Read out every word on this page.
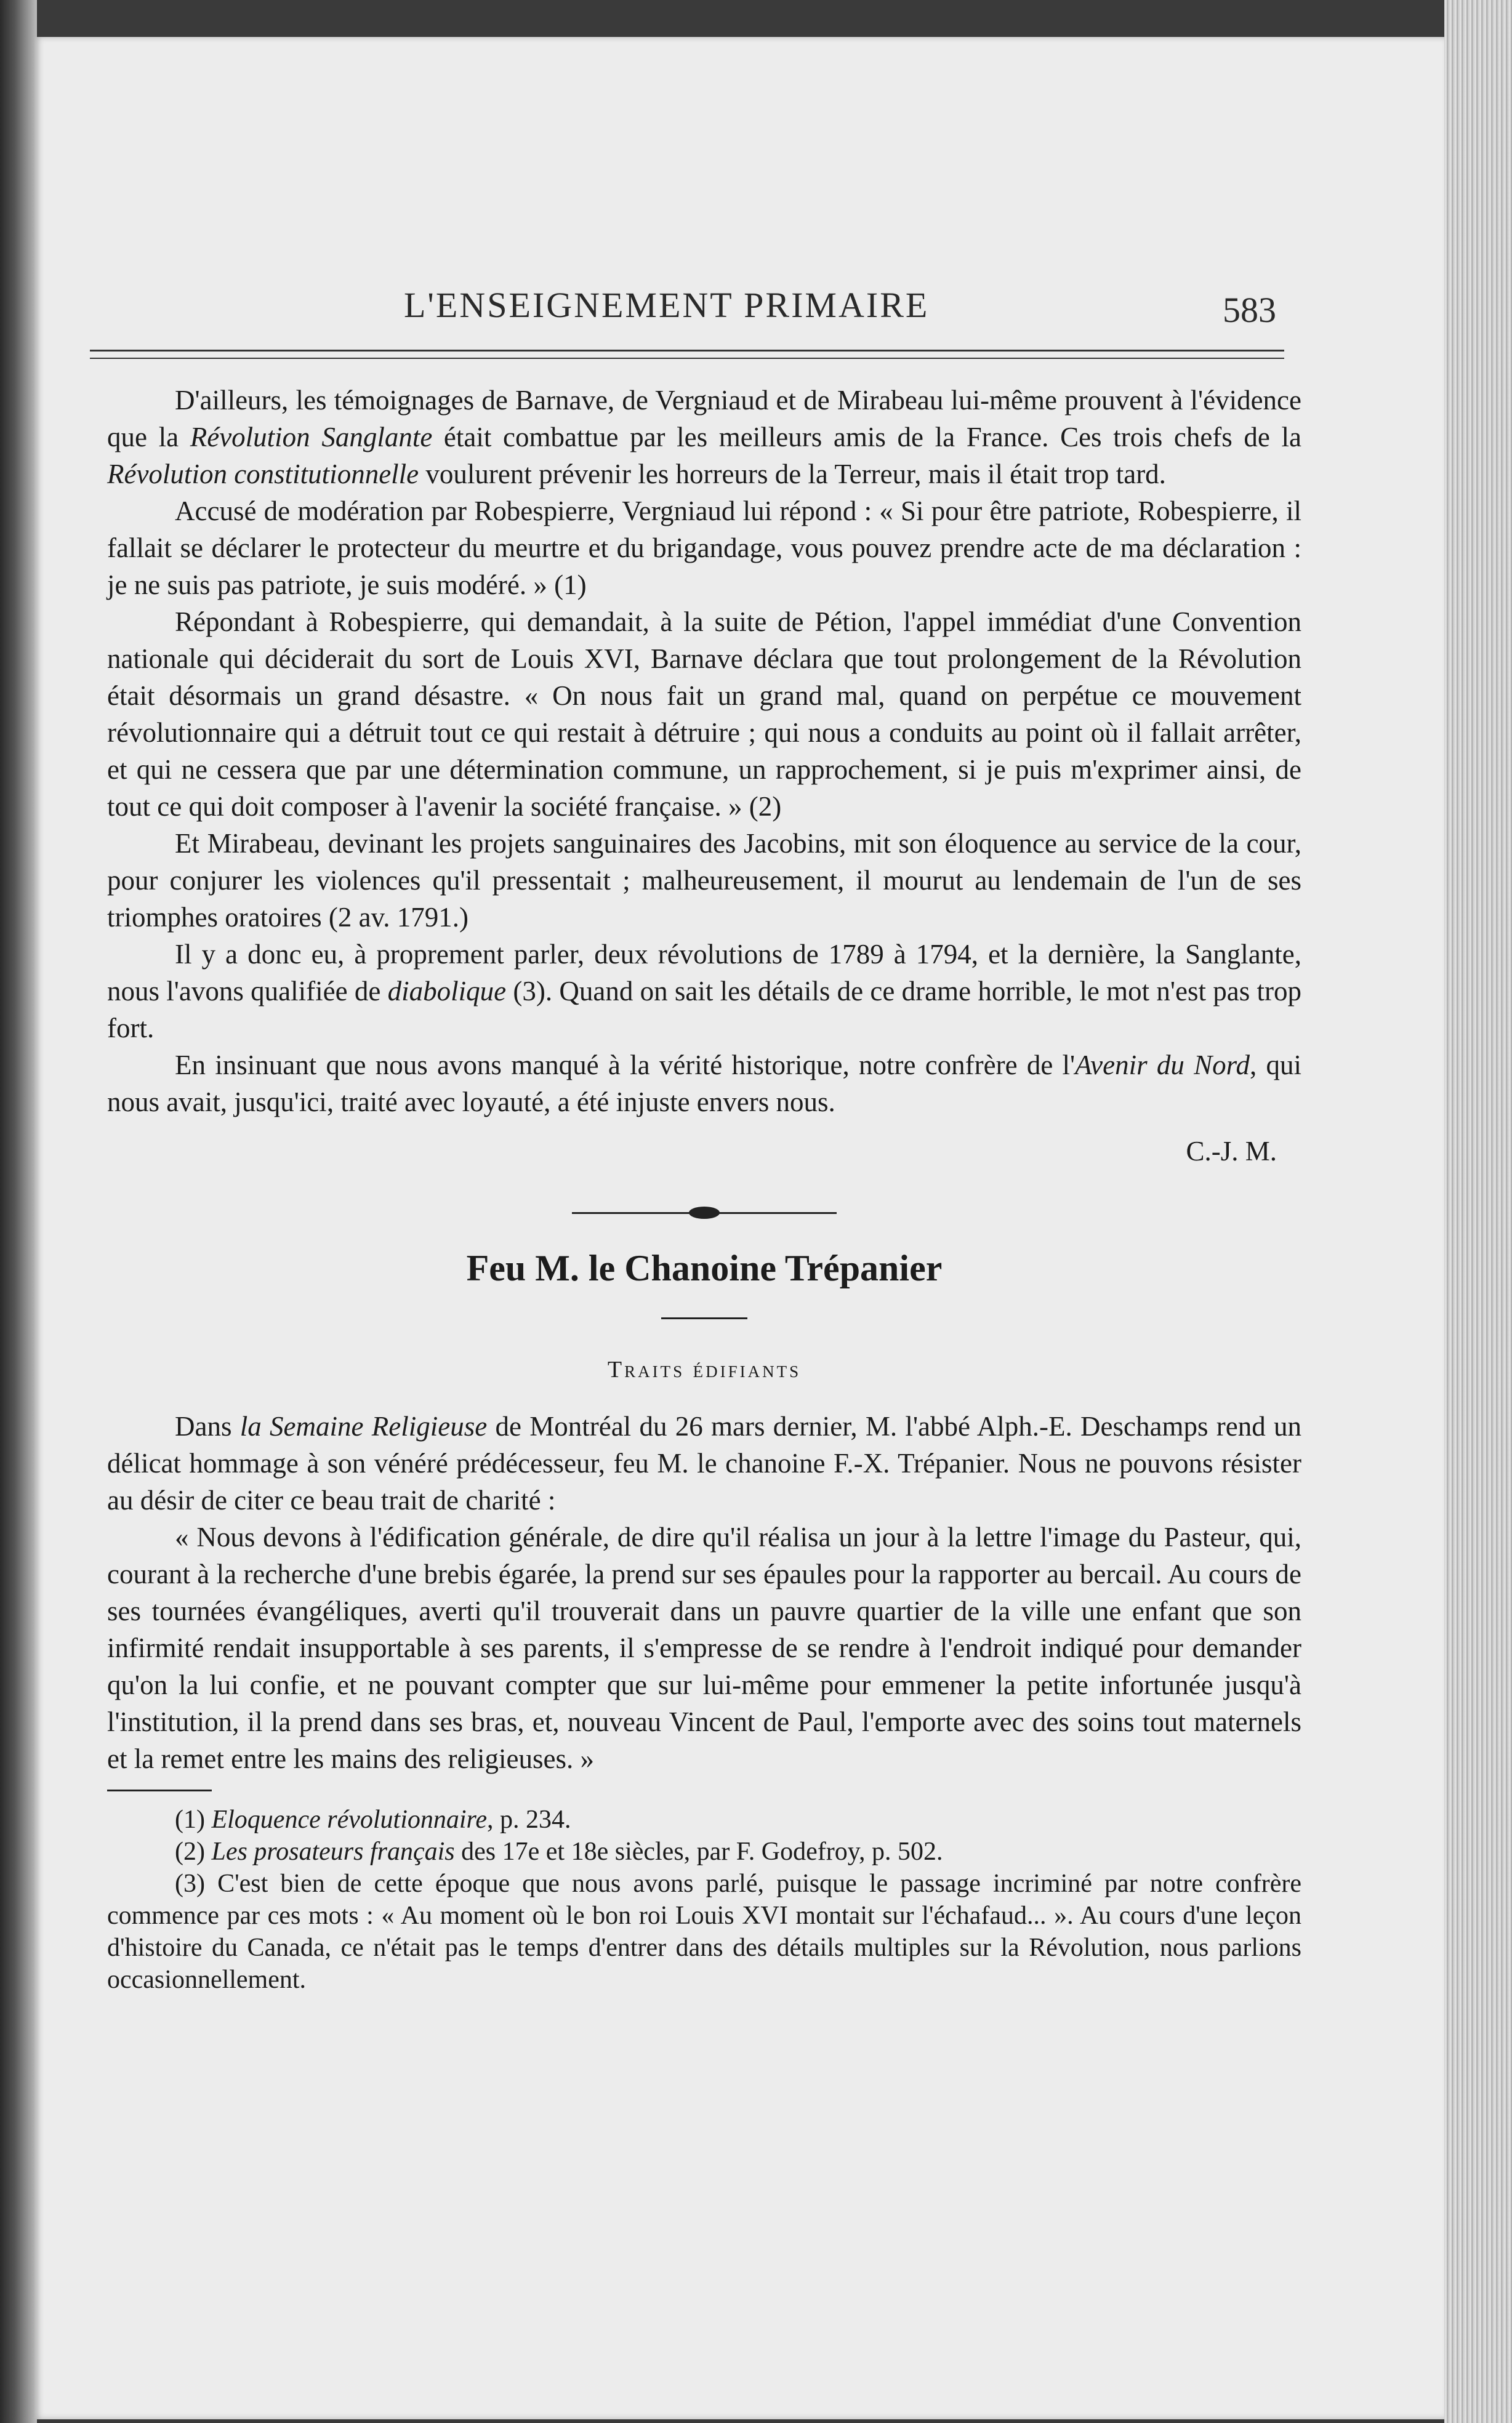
L'ENSEIGNEMENT PRIMAIRE	583

D'ailleurs, les témoignages de Barnave, de Vergniaud et de Mirabeau lui-même prouvent à l'évidence que la Révolution Sanglante était combattue par les meilleurs amis de la France. Ces trois chefs de la Révolution constitutionnelle voulurent prévenir les horreurs de la Terreur, mais il était trop tard.

Accusé de modération par Robespierre, Vergniaud lui répond : « Si pour être patriote, Robespierre, il fallait se déclarer le protecteur du meurtre et du brigandage, vous pouvez prendre acte de ma déclaration : je ne suis pas patriote, je suis modéré. » (1)

Répondant à Robespierre, qui demandait, à la suite de Pétion, l'appel immédiat d'une Convention nationale qui déciderait du sort de Louis XVI, Barnave déclara que tout prolongement de la Révolution était désormais un grand désastre. « On nous fait un grand mal, quand on perpétue ce mouvement révolutionnaire qui a détruit tout ce qui restait à détruire ; qui nous a conduits au point où il fallait arrêter, et qui ne cessera que par une détermination commune, un rapprochement, si je puis m'exprimer ainsi, de tout ce qui doit composer à l'avenir la société française. » (2)

Et Mirabeau, devinant les projets sanguinaires des Jacobins, mit son éloquence au service de la cour, pour conjurer les violences qu'il pressentait ; malheureusement, il mourut au lendemain de l'un de ses triomphes oratoires (2 av. 1791.)

Il y a donc eu, à proprement parler, deux révolutions de 1789 à 1794, et la dernière, la Sanglante, nous l'avons qualifiée de diabolique (3). Quand on sait les détails de ce drame horrible, le mot n'est pas trop fort.

En insinuant que nous avons manqué à la vérité historique, notre confrère de l'Avenir du Nord, qui nous avait, jusqu'ici, traité avec loyauté, a été injuste envers nous.

C.-J. M.
Feu M. le Chanoine Trépanier
Traits édifiants

Dans la Semaine Religieuse de Montréal du 26 mars dernier, M. l'abbé Alph.-E. Deschamps rend un délicat hommage à son vénéré prédécesseur, feu M. le chanoine F.-X. Trépanier. Nous ne pouvons résister au désir de citer ce beau trait de charité :

« Nous devons à l'édification générale, de dire qu'il réalisa un jour à la lettre l'image du Pasteur, qui, courant à la recherche d'une brebis égarée, la prend sur ses épaules pour la rapporter au bercail. Au cours de ses tournées évangéliques, averti qu'il trouverait dans un pauvre quartier de la ville une enfant que son infirmité rendait insupportable à ses parents, il s'empresse de se rendre à l'endroit indiqué pour demander qu'on la lui confie, et ne pouvant compter que sur lui-même pour emmener la petite infortunée jusqu'à l'institution, il la prend dans ses bras, et, nouveau Vincent de Paul, l'emporte avec des soins tout maternels et la remet entre les mains des religieuses. »

(1) Eloquence révolutionnaire, p. 234.

(2) Les prosateurs français des 17e et 18e siècles, par F. Godefroy, p. 502.

(3) C'est bien de cette époque que nous avons parlé, puisque le passage incriminé par notre confrère commence par ces mots : « Au moment où le bon roi Louis XVI montait sur l'échafaud... ». Au cours d'une leçon d'histoire du Canada, ce n'était pas le temps d'entrer dans des détails multiples sur la Révolution, nous parlions occasionnellement.
